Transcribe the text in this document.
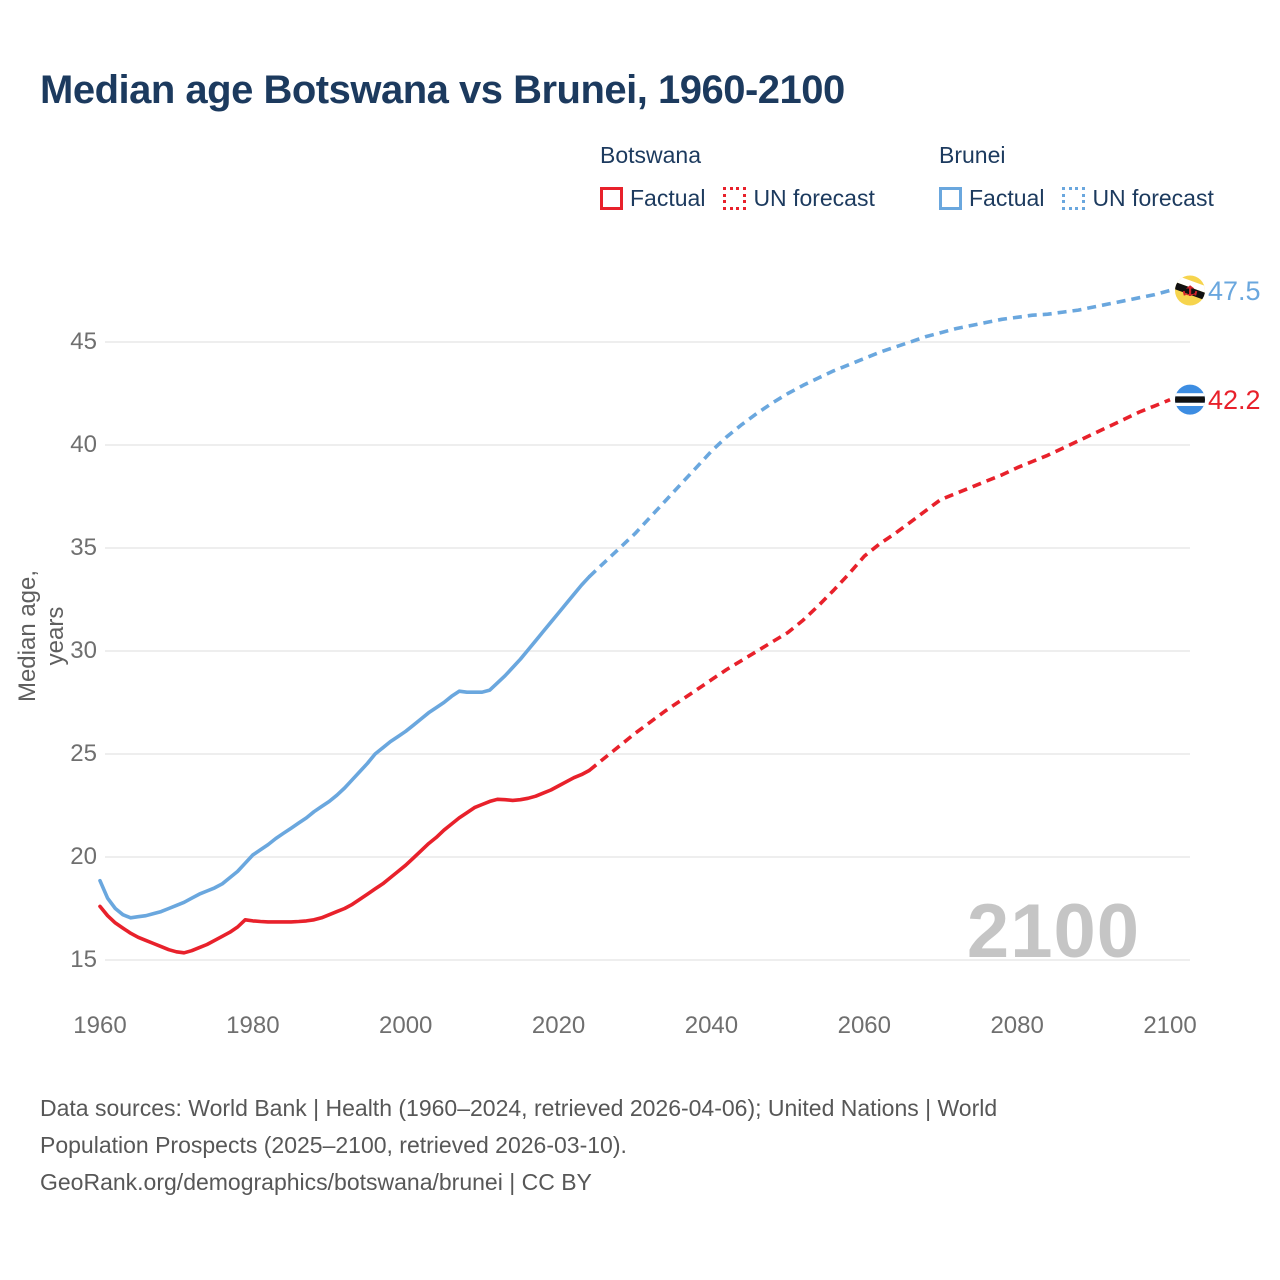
Median age Botswana vs Brunei, 1960-2100
Botswana
Factual UN forecast
Brunei
Factual UN forecast
Median age, years
15
20
25
30
35
40
45
1960	1980	2000	2020	2040	2060	2080	2100
2100
47.5
42.2
Data sources: World Bank | Health (1960–2024, retrieved 2026-04-06); United Nations | World
Population Prospects (2025–2100, retrieved 2026-03-10).
GeoRank.org/demographics/botswana/brunei | CC BY
